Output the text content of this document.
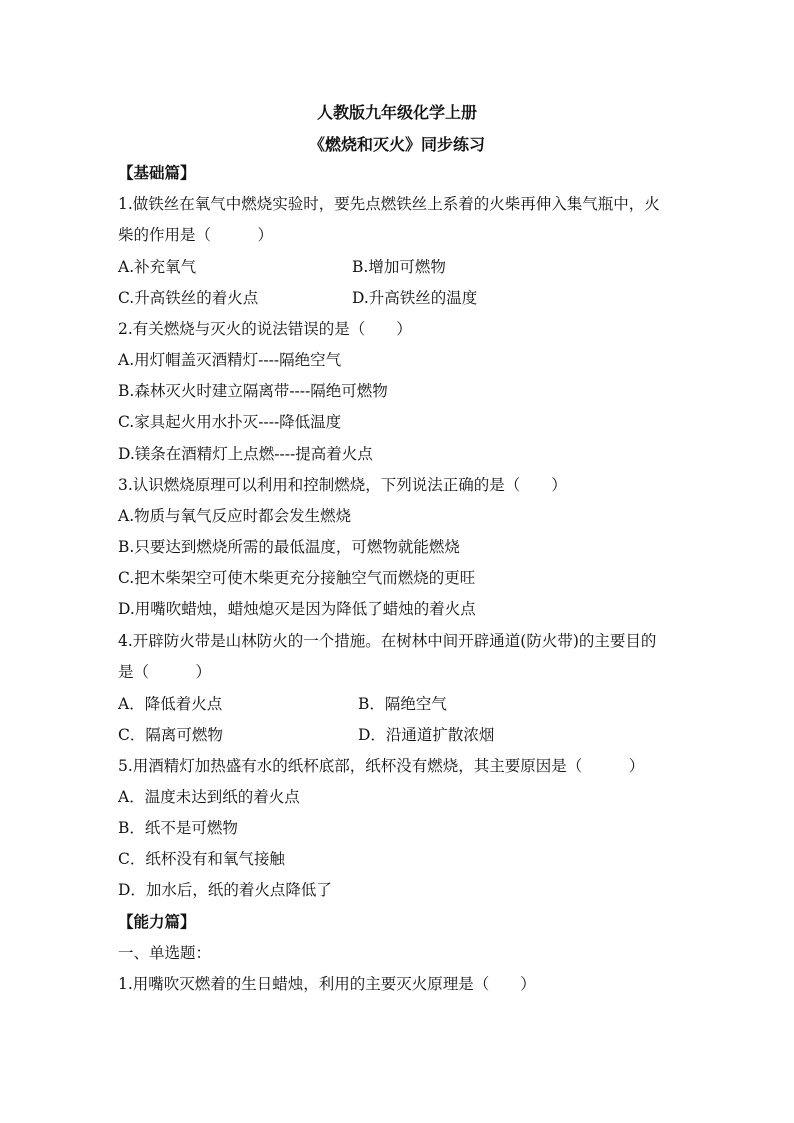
人教版九年级化学上册
《燃烧和灭火》同步练习
【基础篇】
1.做铁丝在氧气中燃烧实验时，要先点燃铁丝上系着的火柴再伸入集气瓶中，火
柴的作用是（　　　）
A.补充氧气	B.增加可燃物
C.升高铁丝的着火点	D.升高铁丝的温度
2.有关燃烧与灭火的说法错误的是（　　）
A.用灯帽盖灭酒精灯----隔绝空气
B.森林灭火时建立隔离带----隔绝可燃物
C.家具起火用水扑灭----降低温度
D.镁条在酒精灯上点燃----提高着火点
3.认识燃烧原理可以利用和控制燃烧，下列说法正确的是（　　）
A.物质与氧气反应时都会发生燃烧
B.只要达到燃烧所需的最低温度，可燃物就能燃烧
C.把木柴架空可使木柴更充分接触空气而燃烧的更旺
D.用嘴吹蜡烛，蜡烛熄灭是因为降低了蜡烛的着火点
4.开辟防火带是山林防火的一个措施。在树林中间开辟通道(防火带)的主要目的
是（　　　）
A．降低着火点	B．隔绝空气
C．隔离可燃物	D．沿通道扩散浓烟
5.用酒精灯加热盛有水的纸杯底部，纸杯没有燃烧，其主要原因是（　　　）
A．温度未达到纸的着火点
B．纸不是可燃物
C．纸杯没有和氧气接触
D．加水后，纸的着火点降低了
【能力篇】
一、单选题：
1.用嘴吹灭燃着的生日蜡烛，利用的主要灭火原理是（　　）
